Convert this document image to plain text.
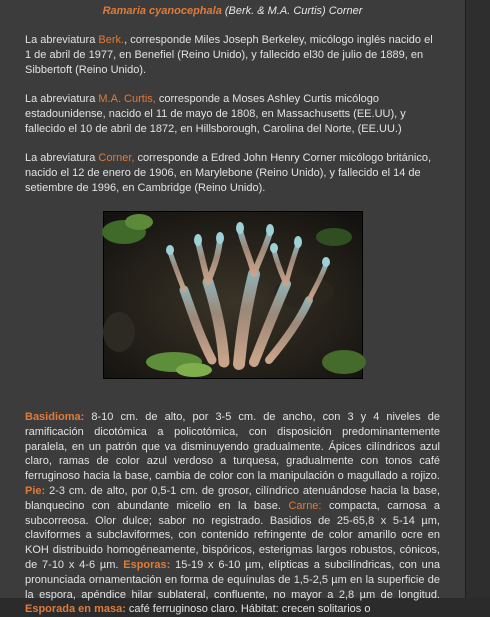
Ramaria cyanocephala (Berk. & M.A. Curtis) Corner
La abreviatura Berk., corresponde Miles Joseph Berkeley, micólogo inglés nacido el 1 de abril de 1977, en Benefiel (Reino Unido), y fallecido el30 de julio de 1889, en Sibbertoft (Reino Unido).
La abreviatura M.A. Curtis, corresponde a Moses Ashley Curtis micólogo estadounidense, nacido el 11 de mayo de 1808, en Massachusetts (EE.UU), y fallecido el 10 de abril de 1872, en Hillsborough, Carolina del Norte, (EE.UU.)
La abreviatura Corner, corresponde a Edred John Henry Corner micólogo británico, nacido el 12 de enero de 1906, en Marylebone (Reino Unido), y fallecido el 14 de setiembre de 1996, en Cambridge (Reino Unido).
Basidioma: 8-10 cm. de alto, por 3-5 cm. de ancho, con 3 y 4 niveles de ramificación dicotómica a policotómica, con disposición predominantemente paralela, en un patrón que va disminuyendo gradualmente. Ápices cilíndricos azul claro, ramas de color azul verdoso a turquesa, gradualmente con tonos café ferruginoso hacia la base, cambia de color con la manipulación o magullado a rojizo. Pie: 2-3 cm. de alto, por 0,5-1 cm. de grosor, cilíndrico atenuándose hacia la base, blanquecino con abundante micelio en la base. Carne: compacta, carnosa a subcorreosa. Olor dulce; sabor no registrado. Basidios de 25-65,8 x 5-14 µm, claviformes a subclaviformes, con contenido refringente de color amarillo ocre en KOH distribuido homogéneamente, bispóricos, esterigmas largos robustos, cónicos, de 7-10 x 4-6 µm. Esporas: 15-19 x 6-10 µm, elípticas a subcilíndricas, con una pronunciada ornamentación en forma de equínulas de 1,5-2,5 µm en la superficie de la espora, apéndice hilar sublateral, confluente, no mayor a 2,8 µm de longitud. Esporada en masa: café ferruginoso claro. Hábitat: crecen solitarios o
